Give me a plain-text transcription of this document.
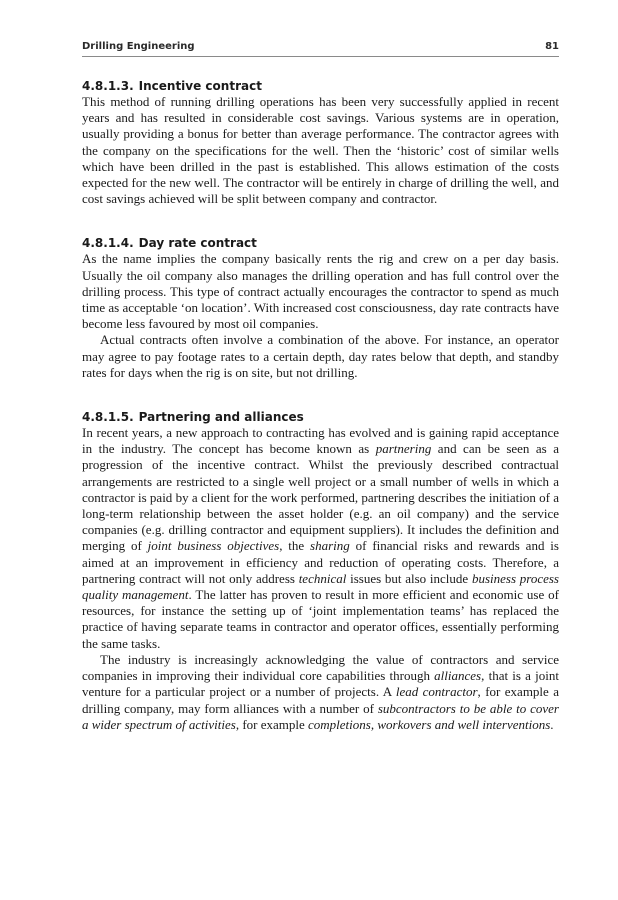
Drilling Engineering	81
4.8.1.3. Incentive contract

This method of running drilling operations has been very successfully applied in recent years and has resulted in considerable cost savings. Various systems are in operation, usually providing a bonus for better than average performance. The contractor agrees with the company on the specifications for the well. Then the ‘historic’ cost of similar wells which have been drilled in the past is established. This allows estimation of the costs expected for the new well. The contractor will be entirely in charge of drilling the well, and cost savings achieved will be split between company and contractor.

4.8.1.4. Day rate contract

As the name implies the company basically rents the rig and crew on a per day basis. Usually the oil company also manages the drilling operation and has full control over the drilling process. This type of contract actually encourages the contractor to spend as much time as acceptable ‘on location’. With increased cost consciousness, day rate contracts have become less favoured by most oil companies.

Actual contracts often involve a combination of the above. For instance, an operator may agree to pay footage rates to a certain depth, day rates below that depth, and standby rates for days when the rig is on site, but not drilling.

4.8.1.5. Partnering and alliances

In recent years, a new approach to contracting has evolved and is gaining rapid acceptance in the industry. The concept has become known as partnering and can be seen as a progression of the incentive contract. Whilst the previously described contractual arrangements are restricted to a single well project or a small number of wells in which a contractor is paid by a client for the work performed, partnering describes the initiation of a long-term relationship between the asset holder (e.g. an oil company) and the service companies (e.g. drilling contractor and equipment suppliers). It includes the definition and merging of joint business objectives, the sharing of financial risks and rewards and is aimed at an improvement in efficiency and reduction of operating costs. Therefore, a partnering contract will not only address technical issues but also include business process quality management. The latter has proven to result in more efficient and economic use of resources, for instance the setting up of ‘joint implementation teams’ has replaced the practice of having separate teams in contractor and operator offices, essentially performing the same tasks.

The industry is increasingly acknowledging the value of contractors and service companies in improving their individual core capabilities through alliances, that is a joint venture for a particular project or a number of projects. A lead contractor, for example a drilling company, may form alliances with a number of subcontractors to be able to cover a wider spectrum of activities, for example completions, workovers and well interventions.
